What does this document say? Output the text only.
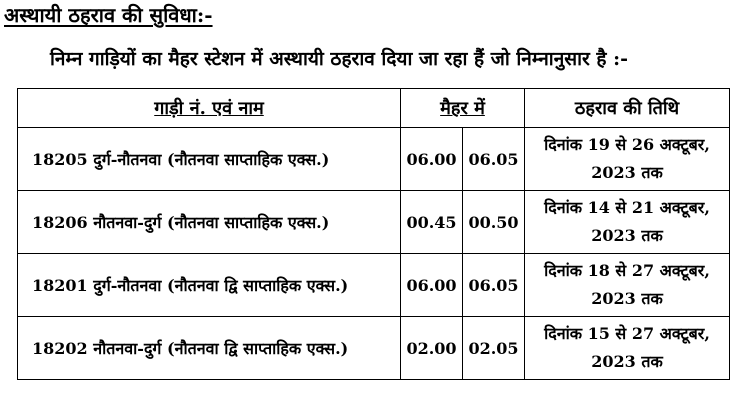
अस्थायी ठहराव की सुविधा:-
निम्न गाड़ियों का मैहर स्टेशन में अस्थायी ठहराव दिया जा रहा हैं जो निम्नानुसार है :-
गाड़ी नं. एवं नाम	मैहर में		ठहराव की तिथि
18205 दुर्ग-नौतनवा (नौतनवा साप्ताहिक एक्स.)	06.00	06.05	दिनांक 19 से 26 अक्टूबर,
2023 तक
18206 नौतनवा-दुर्ग (नौतनवा साप्ताहिक एक्स.)	00.45	00.50	दिनांक 14 से 21 अक्टूबर,
2023 तक
18201 दुर्ग-नौतनवा (नौतनवा द्वि साप्ताहिक एक्स.)	06.00	06.05	दिनांक 18 से 27 अक्टूबर,
2023 तक
18202 नौतनवा-दुर्ग (नौतनवा द्वि साप्ताहिक एक्स.)	02.00	02.05	दिनांक 15 से 27 अक्टूबर,
2023 तक
